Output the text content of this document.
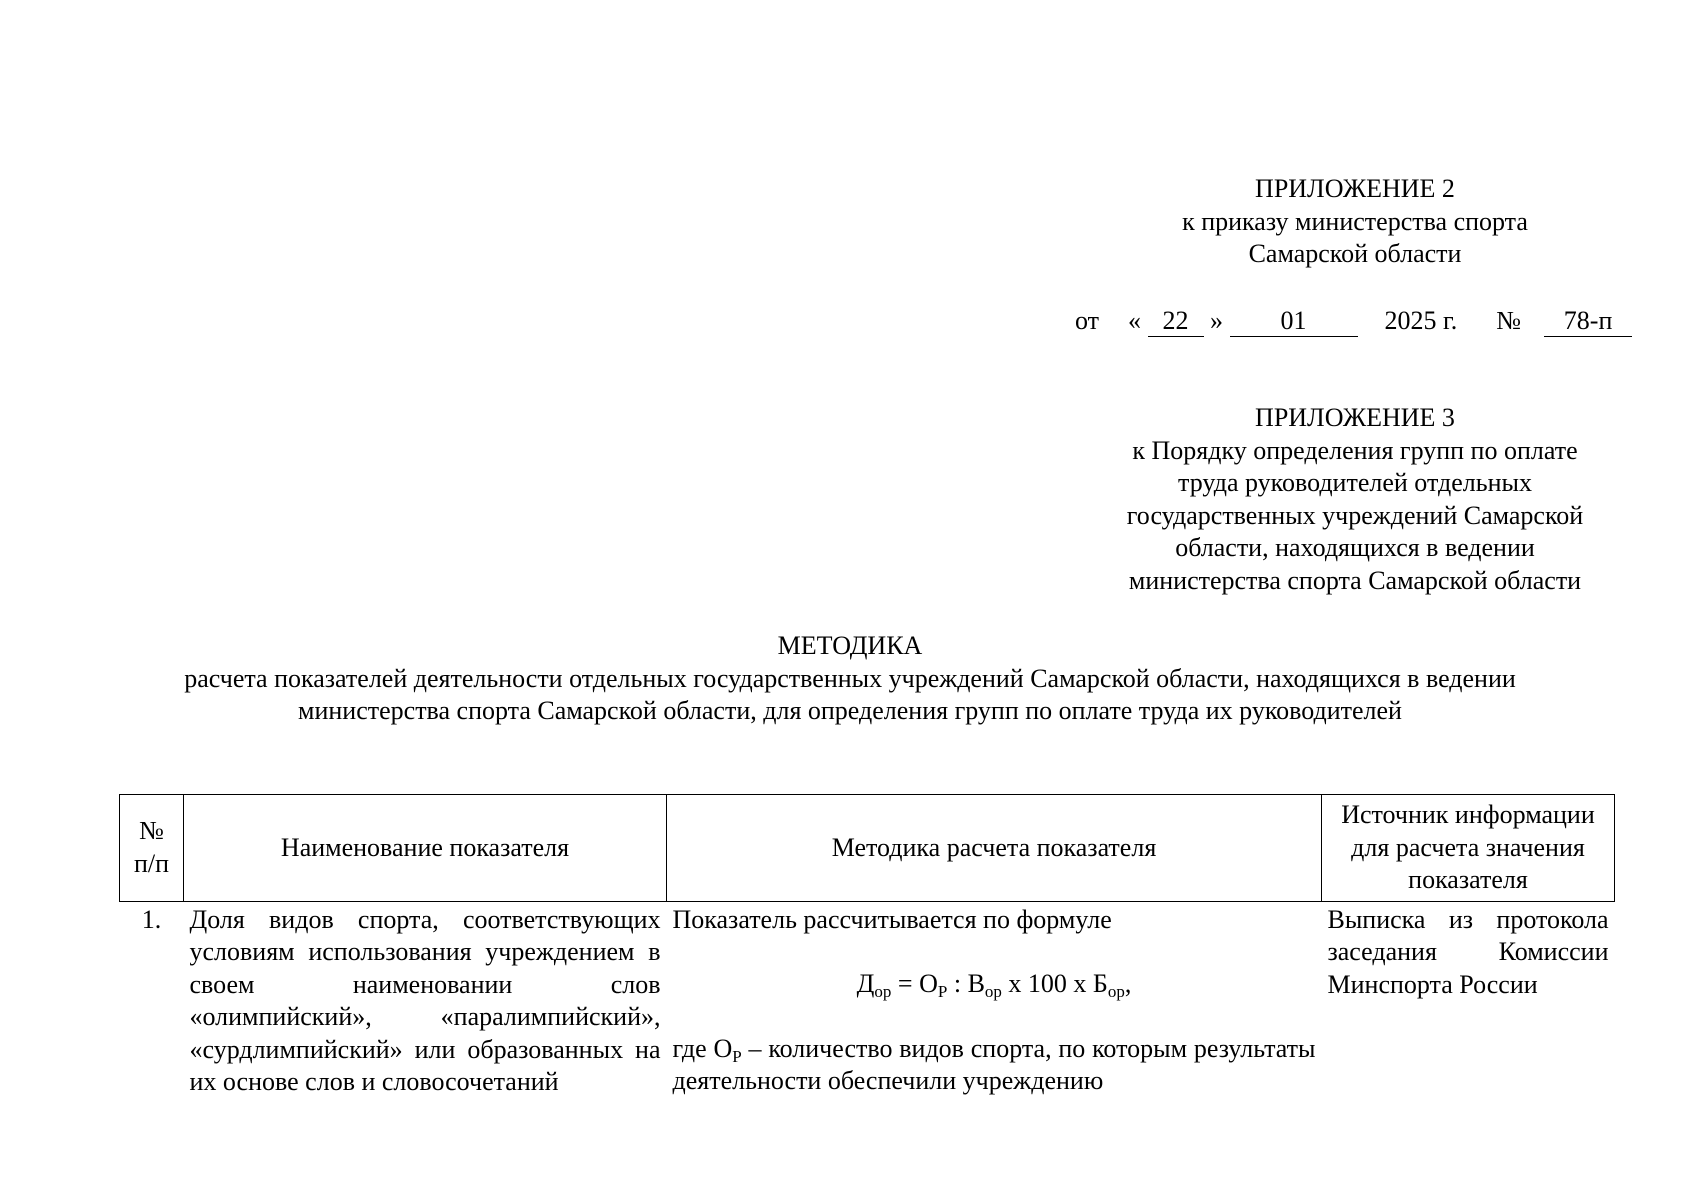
ПРИЛОЖЕНИЕ 2
к приказу министерства спорта
Самарской области
от « 22 » 01	2025 г. № 78-п
ПРИЛОЖЕНИЕ 3
к Порядку определения групп по оплате
труда руководителей отдельных
государственных учреждений Самарской
области, находящихся в ведении
министерства спорта Самарской области
МЕТОДИКА
расчета показателей деятельности отдельных государственных учреждений Самарской области, находящихся в ведении
министерства спорта Самарской области, для определения групп по оплате труда их руководителей
№
п/п	Наименование показателя	Методика расчета показателя	Источник информации для расчета значения показателя
1.	Доля видов спорта, соответствующих условиям использования учреждением в своем наименовании слов «олимпийский», «паралимпийский», «сурдлимпийский» или образованных на их основе слов и словосочетаний	Показатель рассчитывается по формуле
$Д_{ор} = О_Р$ : $В_{ор}$ x 100 x $Б_{ор}$,
где $О_Р$ – количество видов спорта, по которым результаты деятельности обеспечили учреждению	Выписка из протокола заседания Комиссии Минспорта России
